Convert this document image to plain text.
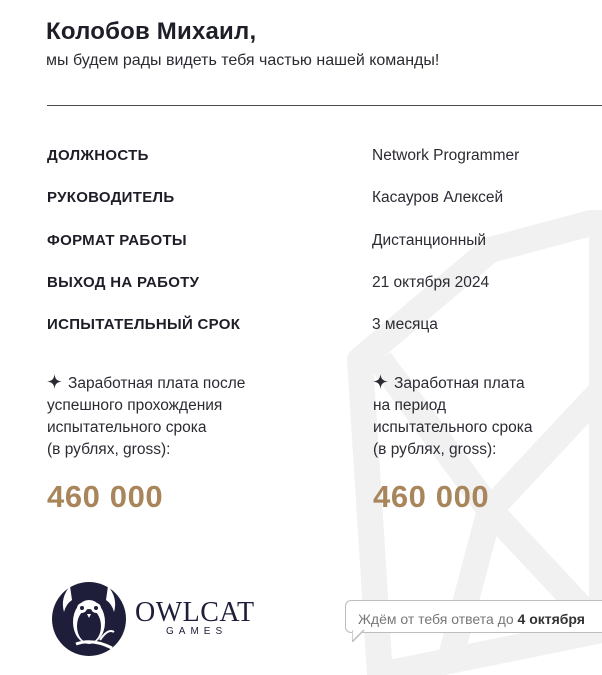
Колобов Михаил,

мы будем рады видеть тебя частью нашей команды!

ДОЛЖНОСТЬ	Network Programmer
РУКОВОДИТЕЛЬ	Касауров Алексей
ФОРМАТ РАБОТЫ	Дистанционный
ВЫХОД НА РАБОТУ	21 октября 2024
ИСПЫТАТЕЛЬНЫЙ СРОК	3 месяца

Заработная плата после
успешного прохождения
испытательного срока
(в рублях, gross):

460 000

Заработная плата
на период
испытательного срока
(в рублях, gross):

460 000
OWLCAT
GAMES
Ждём от тебя ответа до 4 октября
